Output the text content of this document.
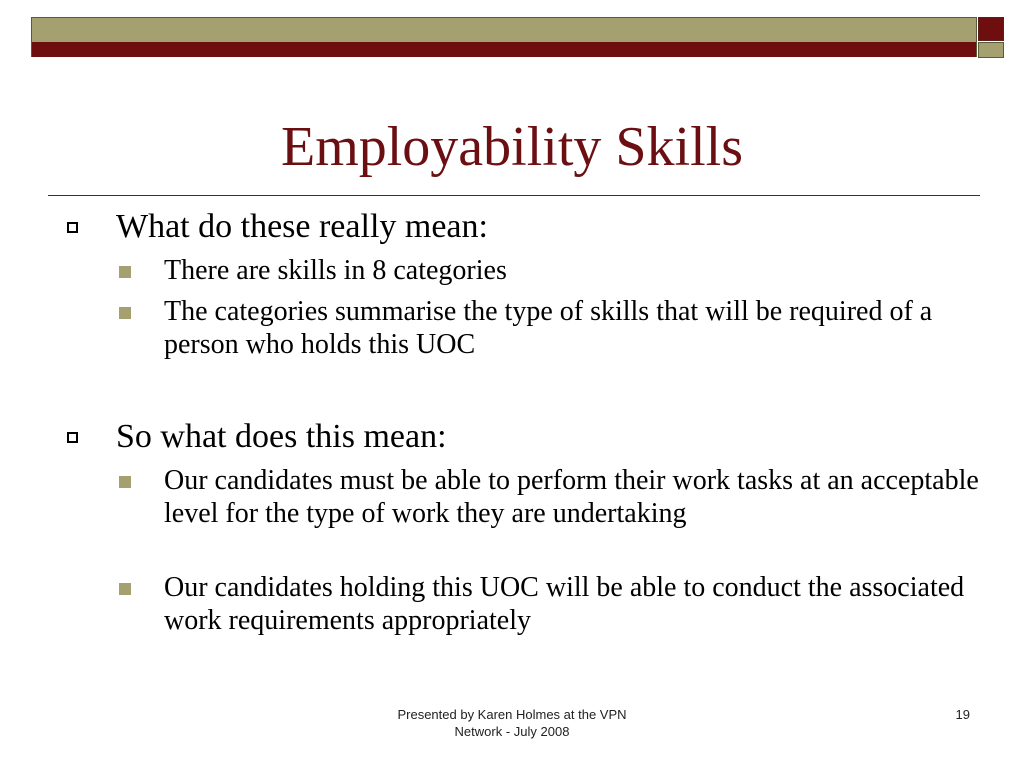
Employability Skills
What do these really mean:
There are skills in 8 categories
The categories summarise the type of skills that will be required of a person who holds this UOC
So what does this mean:
Our candidates must be able to perform their work tasks at an acceptable level for the type of work they are undertaking
Our candidates holding this UOC will be able to conduct the associated work requirements appropriately
Presented by Karen Holmes at the VPN
Network - July 2008
19
